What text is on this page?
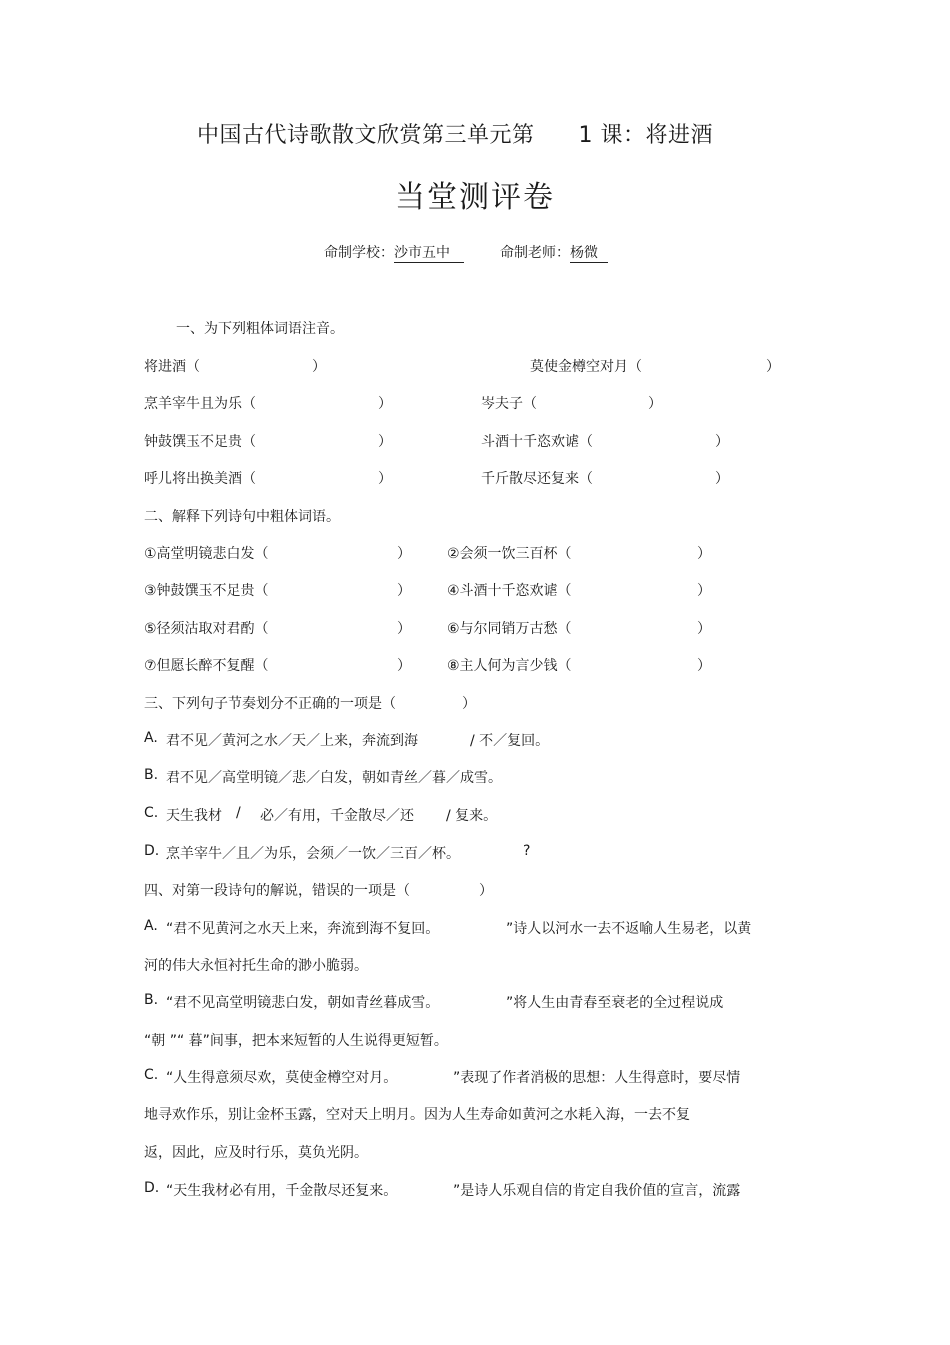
中国古代诗歌散文欣赏第三单元第 1 课：将进酒
当堂测评卷
命制学校：沙市五中	命制老师：杨微
一、为下列粗体词语注音。
将进酒（	）	莫使金樽空对月（	）
烹羊宰牛且为乐（	）	岑夫子（	）
钟鼓馔玉不足贵（	）	斗酒十千恣欢谑（	）
呼儿将出换美酒（	）	千斤散尽还复来（	）
二、解释下列诗句中粗体词语。
①高堂明镜悲白发（	）	②会须一饮三百杯（	）
③钟鼓馔玉不足贵（	）	④斗酒十千恣欢谑（	）
⑤径须沽取对君酌（	）	⑥与尔同销万古愁（	）
⑦但愿长醉不复醒（	）	⑧主人何为言少钱（	）
三、下列句子节奏划分不正确的一项是（	）
A. 君不见／黄河之水／天／上来，奔流到海	/ 不／复回。
B. 君不见／高堂明镜／悲／白发，朝如青丝／暮／成雪。
C. 天生我材 / 必／有用，千金散尽／还 / 复来。
D. 烹羊宰牛／且／为乐，会须／一饮／三百／杯。	?
四、对第一段诗句的解说，错误的一项是（	）
A. “君不见黄河之水天上来，奔流到海不复回。	”诗人以河水一去不返喻人生易老，以黄
河的伟大永恒衬托生命的渺小脆弱。
B. “君不见高堂明镜悲白发，朝如青丝暮成雪。	”将人生由青春至衰老的全过程说成
“朝 ”“ 暮”间事，把本来短暂的人生说得更短暂。
C. “人生得意须尽欢，莫使金樽空对月。	”表现了作者消极的思想：人生得意时，要尽情
地寻欢作乐，别让金杯玉露，空对天上明月。因为人生寿命如黄河之水耗入海，一去不复
返，因此，应及时行乐，莫负光阴。
D. “天生我材必有用，千金散尽还复来。	”是诗人乐观自信的肯定自我价值的宣言，流露
